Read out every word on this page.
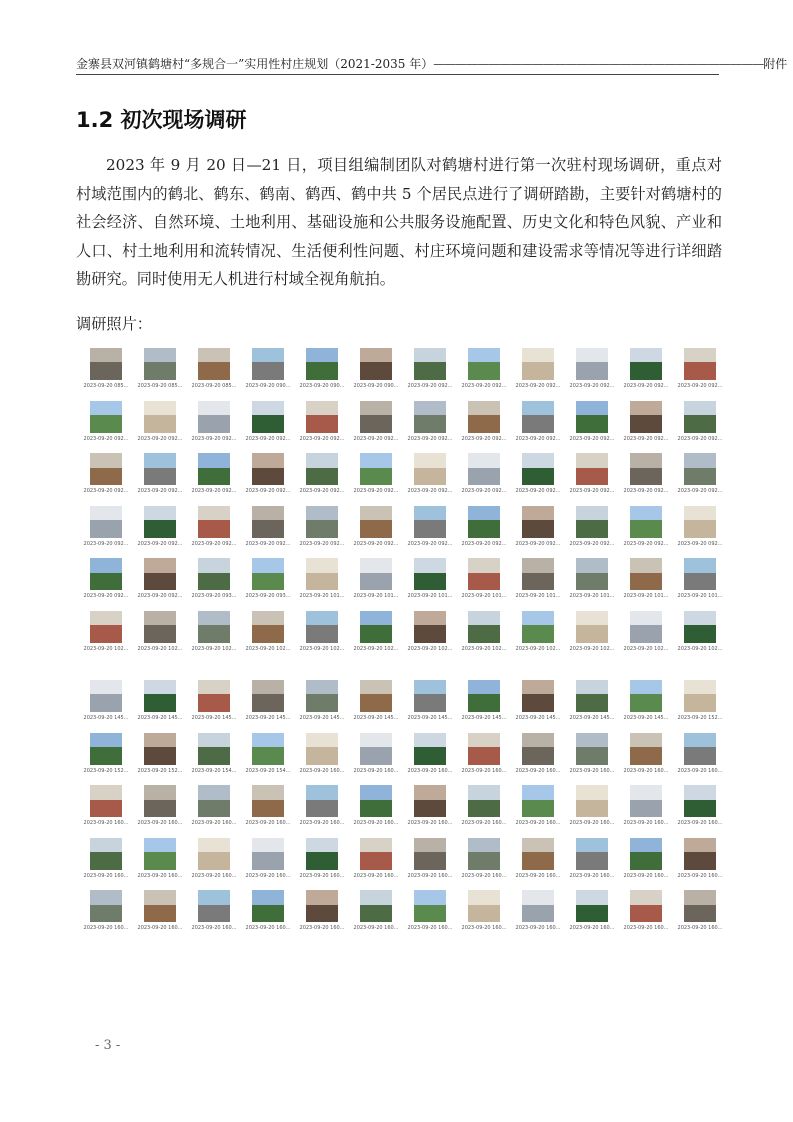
金寨县双河镇鹤塘村“多规合一”实用性村庄规划（2021-2035 年） —————————————————————————————— 附件
1.2 初次现场调研

2023 年 9 月 20 日—21 日，项目组编制团队对鹤塘村进行第一次驻村现场调研，重点对村域范围内的鹤北、鹤东、鹤南、鹤西、鹤中共 5 个居民点进行了调研踏勘，主要针对鹤塘村的社会经济、自然环境、土地利用、基础设施和公共服务设施配置、历史文化和特色风貌、产业和人口、村土地利用和流转情况、生活便利性问题、村庄环境问题和建设需求等情况等进行详细踏勘研究。同时使用无人机进行村域全视角航拍。

调研照片：
2023-09-20 085... 2023-09-20 085... 2023-09-20 085... 2023-09-20 090... 2023-09-20 090... 2023-09-20 090... 2023-09-20 092... 2023-09-20 092... 2023-09-20 092... 2023-09-20 092... 2023-09-20 092... 2023-09-20 092...
2023-09-20 092... 2023-09-20 092... 2023-09-20 092... 2023-09-20 092... 2023-09-20 092... 2023-09-20 092... 2023-09-20 092... 2023-09-20 092... 2023-09-20 092... 2023-09-20 092... 2023-09-20 092... 2023-09-20 092...
2023-09-20 092... 2023-09-20 092... 2023-09-20 092... 2023-09-20 092... 2023-09-20 092... 2023-09-20 092... 2023-09-20 092... 2023-09-20 092... 2023-09-20 092... 2023-09-20 092... 2023-09-20 092... 2023-09-20 092...
2023-09-20 092... 2023-09-20 092... 2023-09-20 092... 2023-09-20 092... 2023-09-20 092... 2023-09-20 092... 2023-09-20 092... 2023-09-20 092... 2023-09-20 092... 2023-09-20 092... 2023-09-20 092... 2023-09-20 092...
2023-09-20 092... 2023-09-20 092... 2023-09-20 093... 2023-09-20 093... 2023-09-20 101... 2023-09-20 101... 2023-09-20 101... 2023-09-20 101... 2023-09-20 101... 2023-09-20 101... 2023-09-20 101... 2023-09-20 101...
2023-09-20 102... 2023-09-20 102... 2023-09-20 102... 2023-09-20 102... 2023-09-20 102... 2023-09-20 102... 2023-09-20 102... 2023-09-20 102... 2023-09-20 102... 2023-09-20 102... 2023-09-20 102... 2023-09-20 102...
2023-09-20 145... 2023-09-20 145... 2023-09-20 145... 2023-09-20 145... 2023-09-20 145... 2023-09-20 145... 2023-09-20 145... 2023-09-20 145... 2023-09-20 145... 2023-09-20 145... 2023-09-20 145... 2023-09-20 152...
2023-09-20 152... 2023-09-20 152... 2023-09-20 154... 2023-09-20 154... 2023-09-20 160... 2023-09-20 160... 2023-09-20 160... 2023-09-20 160... 2023-09-20 160... 2023-09-20 160... 2023-09-20 160... 2023-09-20 160...
2023-09-20 160... 2023-09-20 160... 2023-09-20 160... 2023-09-20 160... 2023-09-20 160... 2023-09-20 160... 2023-09-20 160... 2023-09-20 160... 2023-09-20 160... 2023-09-20 160... 2023-09-20 160... 2023-09-20 160...
2023-09-20 160... 2023-09-20 160... 2023-09-20 160... 2023-09-20 160... 2023-09-20 160... 2023-09-20 160... 2023-09-20 160... 2023-09-20 160... 2023-09-20 160... 2023-09-20 160... 2023-09-20 160... 2023-09-20 160...
2023-09-20 160... 2023-09-20 160... 2023-09-20 160... 2023-09-20 160... 2023-09-20 160... 2023-09-20 160... 2023-09-20 160... 2023-09-20 160... 2023-09-20 160... 2023-09-20 160... 2023-09-20 160... 2023-09-20 160...
- 3 -
